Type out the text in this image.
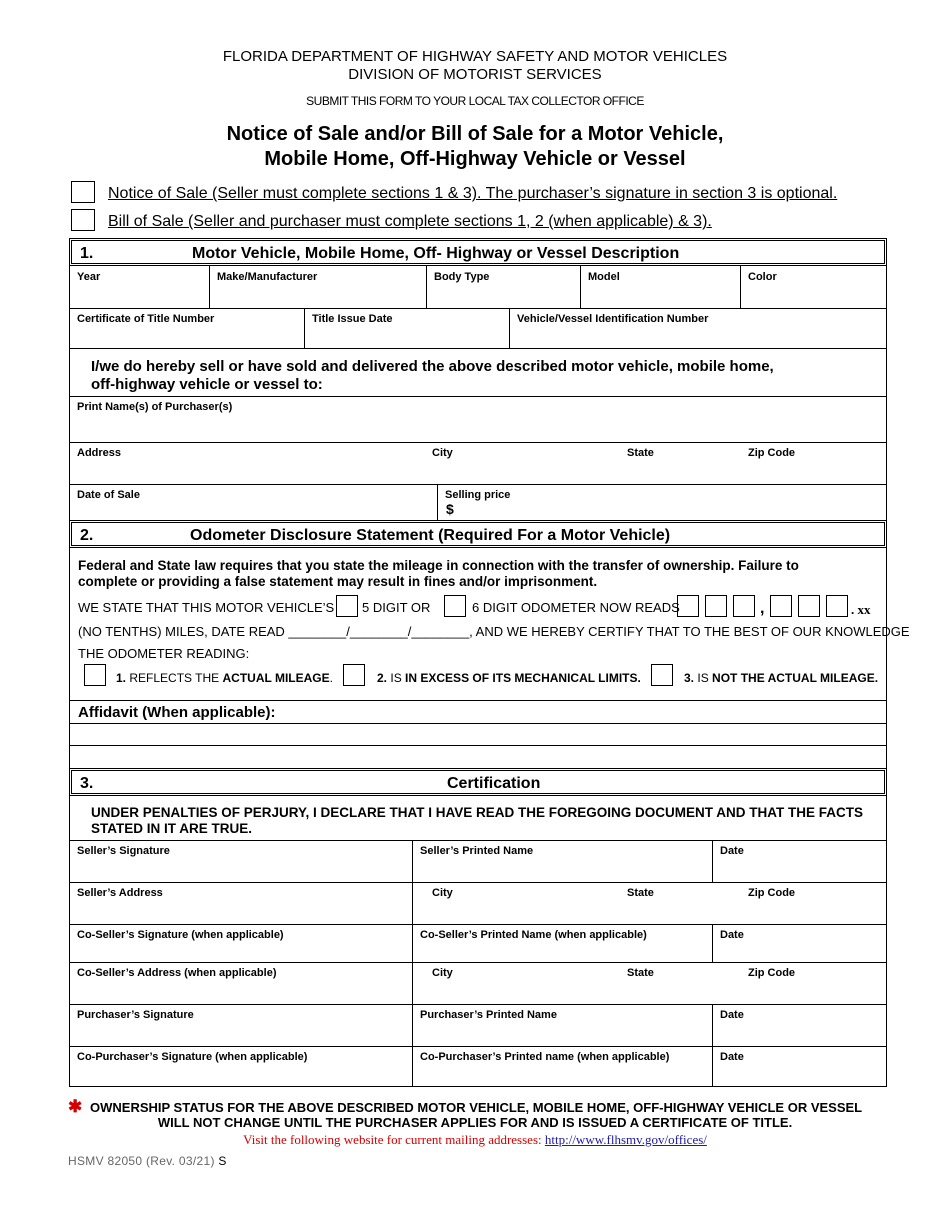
FLORIDA DEPARTMENT OF HIGHWAY SAFETY AND MOTOR VEHICLES
DIVISION OF MOTORIST SERVICES
SUBMIT THIS FORM TO YOUR LOCAL TAX COLLECTOR OFFICE
Notice of Sale and/or Bill of Sale for a Motor Vehicle,
Mobile Home, Off-Highway Vehicle or Vessel
Notice of Sale (Seller must complete sections 1 & 3). The purchaser’s signature in section 3 is optional.
Bill of Sale (Seller and purchaser must complete sections 1, 2 (when applicable) & 3).
1.	Motor Vehicle, Mobile Home, Off- Highway or Vessel Description
Year	Make/Manufacturer	Body Type	Model	Color
Certificate of Title Number	Title Issue Date	Vehicle/Vessel Identification Number
I/we do hereby sell or have sold and delivered the above described motor vehicle, mobile home,
off-highway vehicle or vessel to:
Print Name(s) of Purchaser(s)
Address	City	State	Zip Code
Date of Sale	Selling price
$
2.	Odometer Disclosure Statement (Required For a Motor Vehicle)
Federal and State law requires that you state the mileage in connection with the transfer of ownership. Failure to
complete or providing a false statement may result in fines and/or imprisonment.
WE STATE THAT THIS MOTOR VEHICLE’S 5 DIGIT OR	6 DIGIT ODOMETER NOW READS	,	. xx
(NO TENTHS) MILES, DATE READ ________/________/________, AND WE HEREBY CERTIFY THAT TO THE BEST OF OUR KNOWLEDGE
THE ODOMETER READING:
1. REFLECTS THE ACTUAL MILEAGE.	2. IS IN EXCESS OF ITS MECHANICAL LIMITS.	3. IS NOT THE ACTUAL MILEAGE.
Affidavit (When applicable):
3.	Certification
UNDER PENALTIES OF PERJURY, I DECLARE THAT I HAVE READ THE FOREGOING DOCUMENT AND THAT THE FACTS
STATED IN IT ARE TRUE.
Seller’s Signature	Seller’s Printed Name	Date
Seller’s Address	City	State	Zip Code
Co-Seller’s Signature (when applicable)	Co-Seller’s Printed Name (when applicable)	Date
Co-Seller’s Address (when applicable)	City	State	Zip Code
Purchaser’s Signature	Purchaser’s Printed Name	Date
Co-Purchaser’s Signature (when applicable)	Co-Purchaser’s Printed name (when applicable)	Date
✱ OWNERSHIP STATUS FOR THE ABOVE DESCRIBED MOTOR VEHICLE, MOBILE HOME, OFF-HIGHWAY VEHICLE OR VESSEL
WILL NOT CHANGE UNTIL THE PURCHASER APPLIES FOR AND IS ISSUED A CERTIFICATE OF TITLE.
Visit the following website for current mailing addresses: http://www.flhsmv.gov/offices/
HSMV 82050 (Rev. 03/21) S
